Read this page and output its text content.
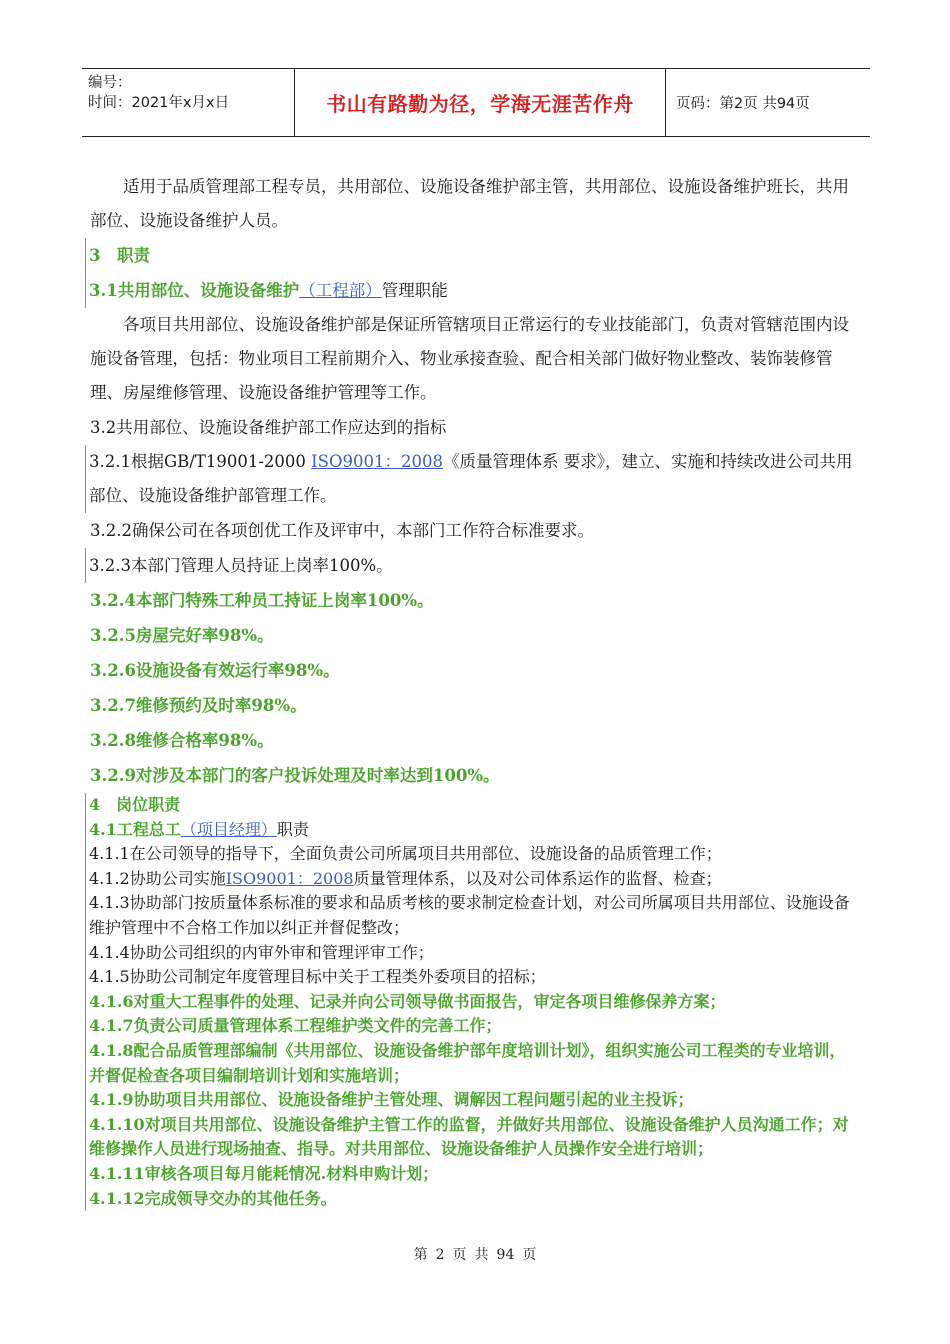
编号：
时间：2021年x月x日	书山有路勤为径，学海无涯苦作舟	页码：第2页 共94页

适用于品质管理部工程专员，共用部位、设施设备维护部主管，共用部位、设施设备维护班长，共用部位、设施设备维护人员。

3　职责

3.1共用部位、设施设备维护（工程部）管理职能

各项目共用部位、设施设备维护部是保证所管辖项目正常运行的专业技能部门，负责对管辖范围内设施设备管理，包括：物业项目工程前期介入、物业承接查验、配合相关部门做好物业整改、装饰装修管理、房屋维修管理、设施设备维护管理等工作。

3.2共用部位、设施设备维护部工作应达到的指标

3.2.1根据GB/T19001-2000 ISO9001：2008《质量管理体系 要求》，建立、实施和持续改进公司共用部位、设施设备维护部管理工作。

3.2.2确保公司在各项创优工作及评审中，本部门工作符合标准要求。

3.2.3本部门管理人员持证上岗率100%。

3.2.4本部门特殊工种员工持证上岗率100%。

3.2.5房屋完好率98%。

3.2.6设施设备有效运行率98%。

3.2.7维修预约及时率98%。

3.2.8维修合格率98%。

3.2.9对涉及本部门的客户投诉处理及时率达到100%。

4　岗位职责

4.1工程总工（项目经理）职责

4.1.1在公司领导的指导下，全面负责公司所属项目共用部位、设施设备的品质管理工作；

4.1.2协助公司实施ISO9001：2008质量管理体系，以及对公司体系运作的监督、检查；

4.1.3协助部门按质量体系标准的要求和品质考核的要求制定检查计划，对公司所属项目共用部位、设施设备维护管理中不合格工作加以纠正并督促整改；

4.1.4协助公司组织的内审外审和管理评审工作；

4.1.5协助公司制定年度管理目标中关于工程类外委项目的招标；

4.1.6对重大工程事件的处理、记录并向公司领导做书面报告，审定各项目维修保养方案；

4.1.7负责公司质量管理体系工程维护类文件的完善工作；

4.1.8配合品质管理部编制《共用部位、设施设备维护部年度培训计划》，组织实施公司工程类的专业培训，并督促检查各项目编制培训计划和实施培训；

4.1.9协助项目共用部位、设施设备维护主管处理、调解因工程问题引起的业主投诉；

4.1.10对项目共用部位、设施设备维护主管工作的监督，并做好共用部位、设施设备维护人员沟通工作；对维修操作人员进行现场抽查、指导。对共用部位、设施设备维护人员操作安全进行培训；

4.1.11审核各项目每月能耗情况.材料申购计划；

4.1.12完成领导交办的其他任务。

第 2 页 共 94 页
